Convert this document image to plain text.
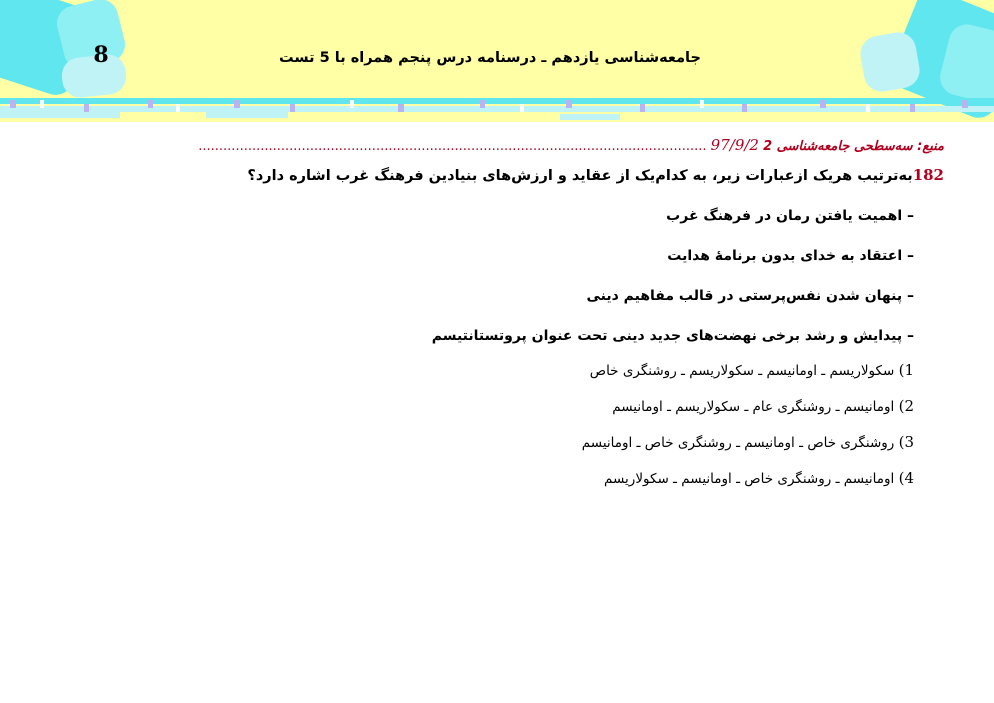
8	جامعه‌شناسی یازدهم ـ درسنامه درس پنجم همراه با 5 تست
منبع: سه‌سطحی جامعه‌شناسی 2 97/9/2 ...........................................................................................................................
182به‌ترتیب هریک ازعبارات زیر، به کدام‌یک از عقاید و ارزش‌های بنیادین فرهنگ غرب اشاره دارد؟
– اهمیت یافتن رمان در فرهنگ غرب
– اعتقاد به خدای بدون برنامهٔ هدایت
– پنهان شدن نفس‌پرستی در قالب مفاهیم دینی
– پیدایش و رشد برخی نهضت‌های جدید دینی تحت عنوان پروتستانتیسم
1) سکولاریسم ـ اومانیسم ـ سکولاریسم ـ روشنگری خاص
2) اومانیسم ـ روشنگری عام ـ سکولاریسم ـ اومانیسم
3) روشنگری خاص ـ اومانیسم ـ روشنگری خاص ـ اومانیسم
4) اومانیسم ـ روشنگری خاص ـ اومانیسم ـ سکولاریسم
